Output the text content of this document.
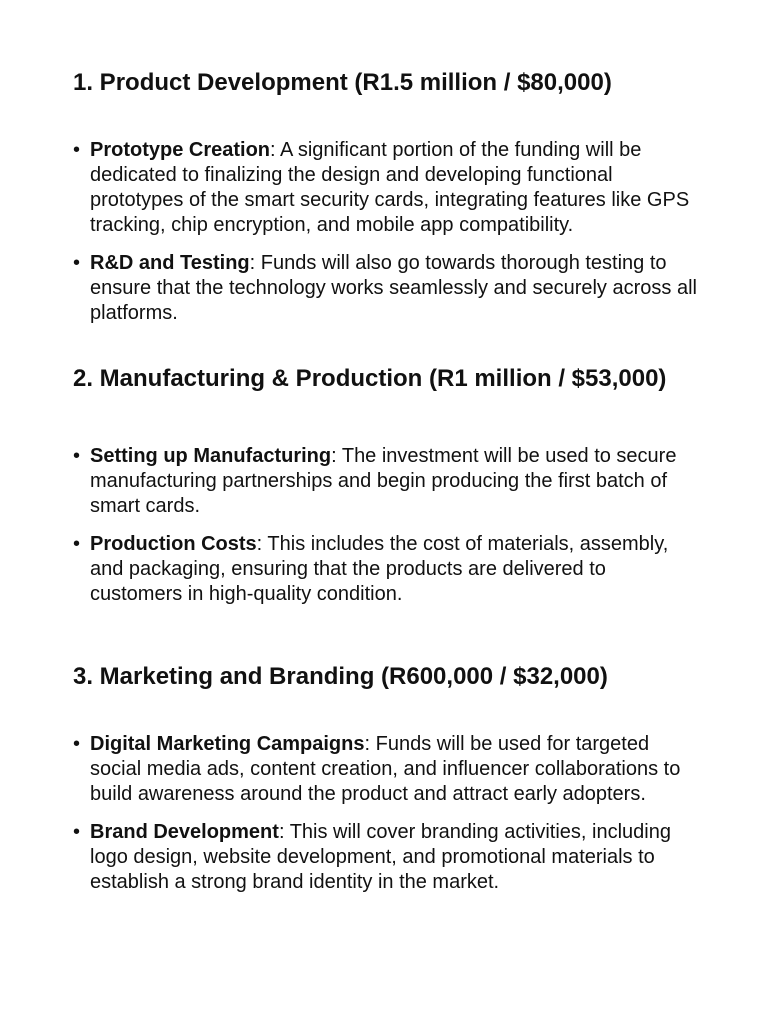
1. Product Development (R1.5 million / $80,000)
• Prototype Creation: A significant portion of the funding will be dedicated to finalizing the design and developing functional prototypes of the smart security cards, integrating features like GPS tracking, chip encryption, and mobile app compatibility.
• R&D and Testing: Funds will also go towards thorough testing to ensure that the technology works seamlessly and securely across all platforms.
2. Manufacturing & Production (R1 million / $53,000)
• Setting up Manufacturing: The investment will be used to secure manufacturing partnerships and begin producing the first batch of smart cards.
• Production Costs: This includes the cost of materials, assembly, and packaging, ensuring that the products are delivered to customers in high-quality condition.
3. Marketing and Branding (R600,000 / $32,000)
• Digital Marketing Campaigns: Funds will be used for targeted social media ads, content creation, and influencer collaborations to build awareness around the product and attract early adopters.
• Brand Development: This will cover branding activities, including logo design, website development, and promotional materials to establish a strong brand identity in the market.
